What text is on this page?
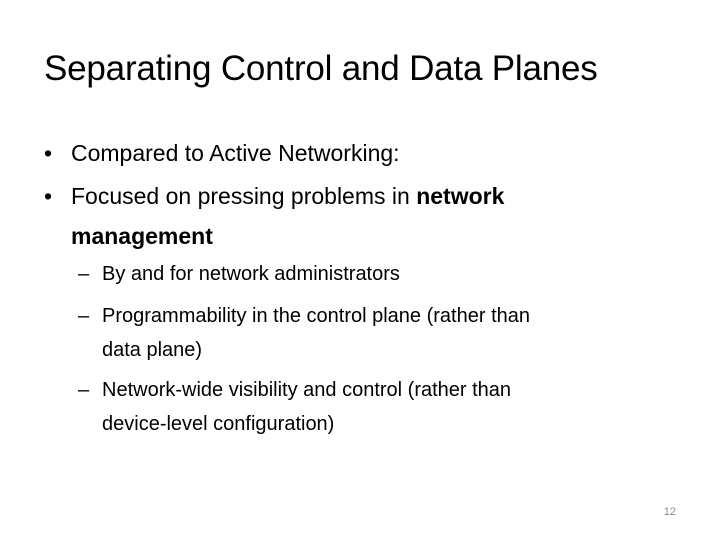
Separating Control and Data Planes
• Compared to Active Networking:
• Focused on pressing problems in network
management
– By and for network administrators
– Programmability in the control plane (rather than
data plane)
– Network-wide visibility and control (rather than
device-level configuration)
12
